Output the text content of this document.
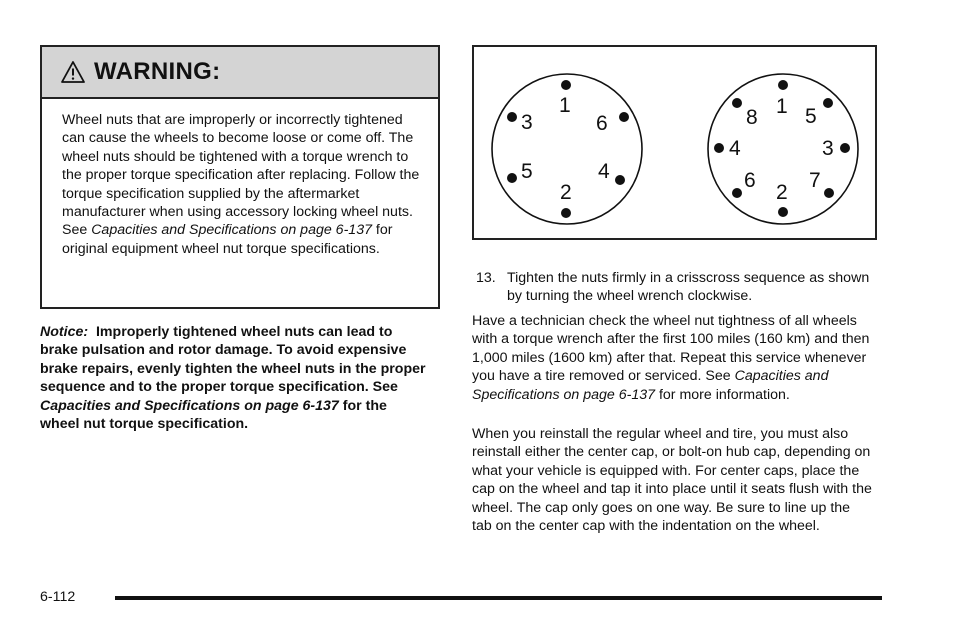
WARNING:
Wheel nuts that are improperly or incorrectly tightened can cause the wheels to become loose or come off. The wheel nuts should be tightened with a torque wrench to the proper torque specification after replacing. Follow the torque specification supplied by the aftermarket manufacturer when using accessory locking wheel nuts. See Capacities and Specifications on page 6-137 for original equipment wheel nut torque specifications.
Notice: Improperly tightened wheel nuts can lead to brake pulsation and rotor damage. To avoid expensive brake repairs, evenly tighten the wheel nuts in the proper sequence and to the proper torque specification. See Capacities and Specifications on page 6-137 for the wheel nut torque specification.
1
6
4
2
5
3
1 5
3
7
2
6
4
8
13. Tighten the nuts firmly in a crisscross sequence as shown by turning the wheel wrench clockwise.

Have a technician check the wheel nut tightness of all wheels with a torque wrench after the first 100 miles (160 km) and then 1,000 miles (1600 km) after that. Repeat this service whenever you have a tire removed or serviced. See Capacities and Specifications on page 6-137 for more information.

When you reinstall the regular wheel and tire, you must also reinstall either the center cap, or bolt-on hub cap, depending on what your vehicle is equipped with. For center caps, place the cap on the wheel and tap it into place until it seats flush with the wheel. The cap only goes on one way. Be sure to line up the tab on the center cap with the indentation on the wheel.

6-112
